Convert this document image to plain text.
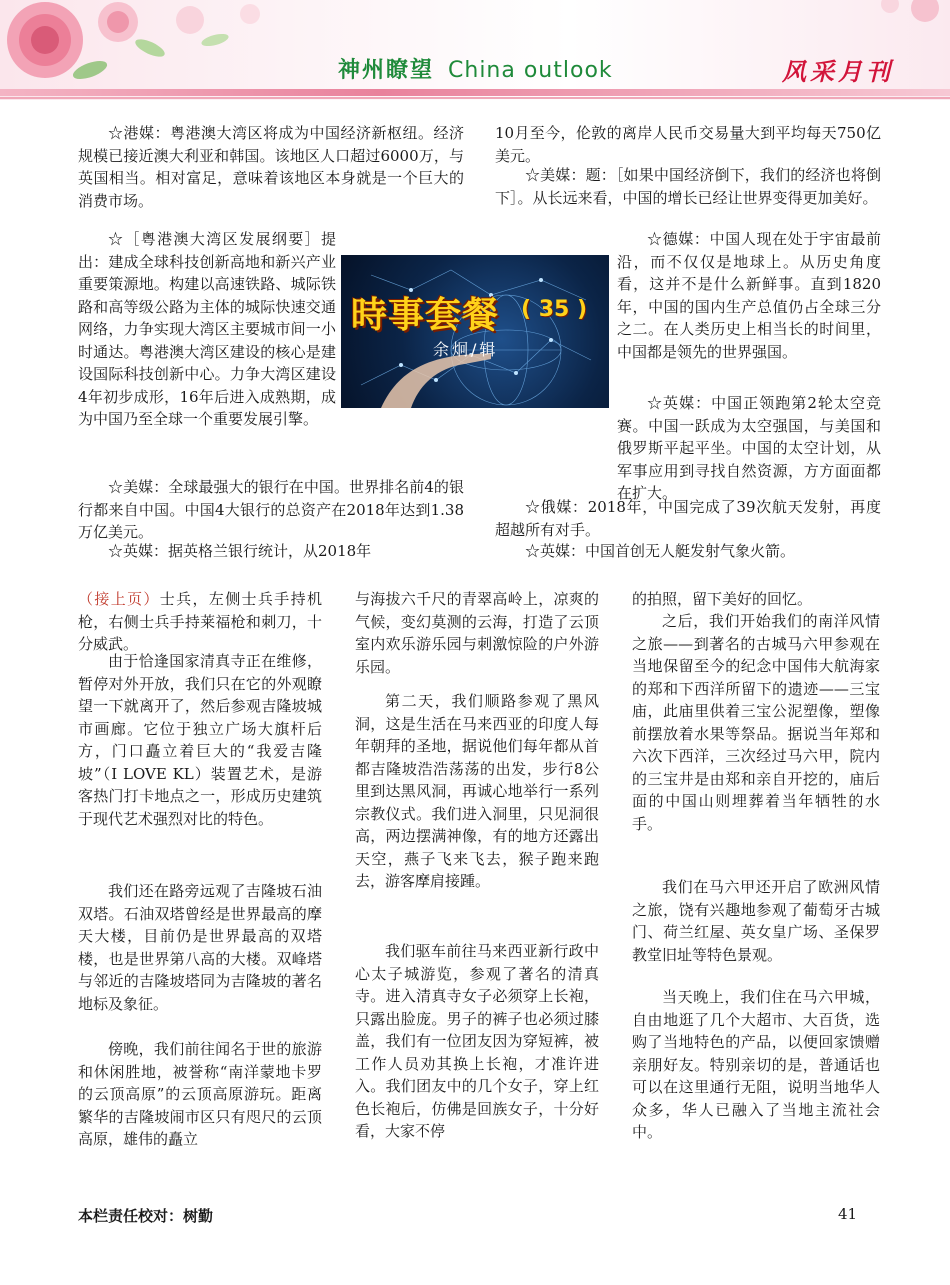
神州瞭望 China outlook	风采月刊
☆港媒：粤港澳大湾区将成为中国经济新枢纽。经济规模已接近澳大利亚和韩国。该地区人口超过6000万，与英国相当。相对富足，意味着该地区本身就是一个巨大的消费市场。
☆［粤港澳大湾区发展纲要］提出：建成全球科技创新高地和新兴产业重要策源地。构建以高速铁路、城际铁路和高等级公路为主体的城际快速交通网络，力争实现大湾区主要城市间一小时通达。粤港澳大湾区建设的核心是建设国际科技创新中心。力争大湾区建设4年初步成形，16年后进入成熟期，成为中国乃至全球一个重要发展引擎。
☆美媒：全球最强大的银行在中国。世界排名前4的银行都来自中国。中国4大银行的总资产在2018年达到1.38万亿美元。
☆英媒：据英格兰银行统计，从2018年
10月至今，伦敦的离岸人民币交易量大到平均每天750亿美元。
☆美媒：题：［如果中国经济倒下，我们的经济也将倒下］。从长远来看，中国的增长已经让世界变得更加美好。
☆德媒：中国人现在处于宇宙最前沿，而不仅仅是地球上。从历史角度看，这并不是什么新鲜事。直到1820年，中国的国内生产总值仍占全球三分之二。在人类历史上相当长的时间里，中国都是领先的世界强国。
☆英媒：中国正领跑第2轮太空竞赛。中国一跃成为太空强国，与美国和俄罗斯平起平坐。中国的太空计划，从军事应用到寻找自然资源，方方面面都在扩大。
☆俄媒：2018年，中国完成了39次航天发射，再度超越所有对手。
☆英媒：中国首创无人艇发射气象火箭。
時事套餐 ( 35 )
余炯/辑
（接上页）士兵，左侧士兵手持机枪，右侧士兵手持莱福枪和刺刀，十分威武。
由于恰逢国家清真寺正在维修，暂停对外开放，我们只在它的外观瞭望一下就离开了，然后参观吉隆坡城市画廊。它位于独立广场大旗杆后方，门口矗立着巨大的“我爱吉隆坡”（I LOVE KL）装置艺术，是游客热门打卡地点之一，形成历史建筑于现代艺术强烈对比的特色。
我们还在路旁远观了吉隆坡石油双塔。石油双塔曾经是世界最高的摩天大楼，目前仍是世界最高的双塔楼，也是世界第八高的大楼。双峰塔与邻近的吉隆坡塔同为吉隆坡的著名地标及象征。
傍晚，我们前往闻名于世的旅游和休闲胜地，被誉称“南洋蒙地卡罗的云顶高原”的云顶高原游玩。距离繁华的吉隆坡闹市区只有咫尺的云顶高原，雄伟的矗立
与海拔六千尺的青翠高岭上，凉爽的气候，变幻莫测的云海，打造了云顶室内欢乐游乐园与刺激惊险的户外游乐园。
第二天，我们顺路参观了黑风洞，这是生活在马来西亚的印度人每年朝拜的圣地，据说他们每年都从首都吉隆坡浩浩荡荡的出发，步行8公里到达黑风洞，再诚心地举行一系列宗教仪式。我们进入洞里，只见洞很高，两边摆满神像，有的地方还露出天空，燕子飞来飞去，猴子跑来跑去，游客摩肩接踵。
我们驱车前往马来西亚新行政中心太子城游览，参观了著名的清真寺。进入清真寺女子必须穿上长袍，只露出脸庞。男子的裤子也必须过膝盖，我们有一位团友因为穿短裤，被工作人员劝其换上长袍，才准许进入。我们团友中的几个女子，穿上红色长袍后，仿佛是回族女子，十分好看，大家不停
的拍照，留下美好的回忆。
之后，我们开始我们的南洋风情之旅——到著名的古城马六甲参观在当地保留至今的纪念中国伟大航海家的郑和下西洋所留下的遗迹——三宝庙，此庙里供着三宝公泥塑像，塑像前摆放着水果等祭品。据说当年郑和六次下西洋，三次经过马六甲，院内的三宝井是由郑和亲自开挖的，庙后面的中国山则埋葬着当年牺牲的水手。
我们在马六甲还开启了欧洲风情之旅，饶有兴趣地参观了葡萄牙古城门、荷兰红屋、英女皇广场、圣保罗教堂旧址等特色景观。
当天晚上，我们住在马六甲城，自由地逛了几个大超市、大百货，选购了当地特色的产品，以便回家馈赠亲朋好友。特别亲切的是，普通话也可以在这里通行无阻，说明当地华人众多，华人已融入了当地主流社会中。
本栏责任校对：树勤	41
